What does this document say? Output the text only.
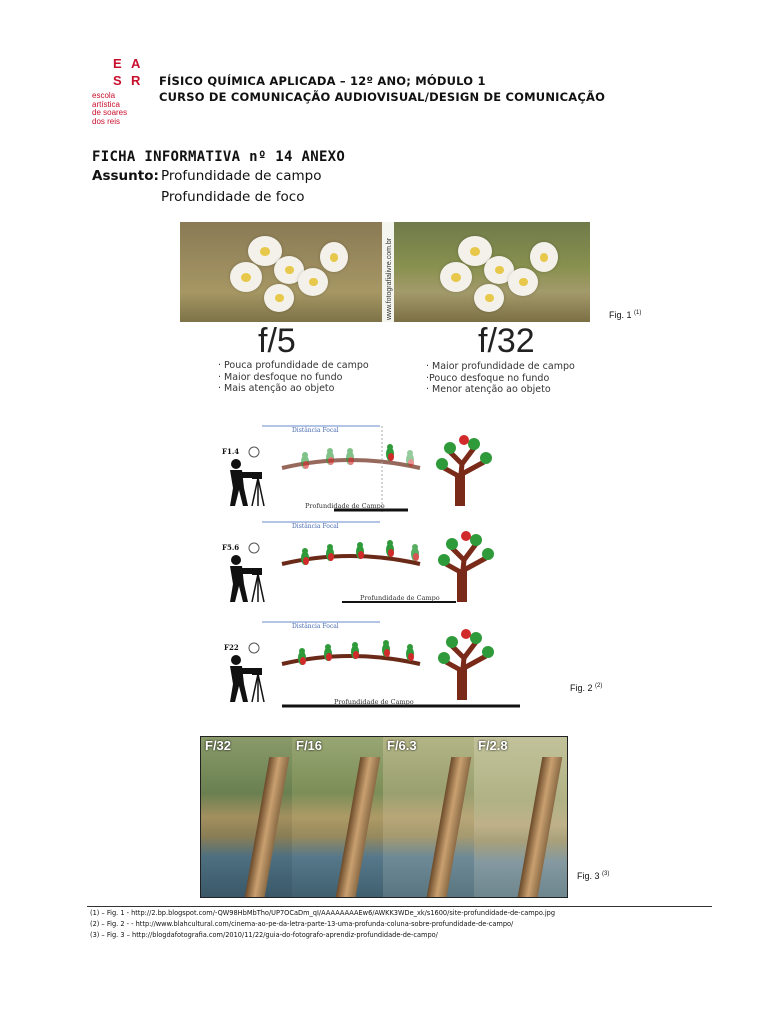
E A
S R
escola
artística
de soares
dos reis
FÍSICO QUÍMICA APLICADA – 12º ANO; MÓDULO 1
CURSO DE COMUNICAÇÃO AUDIOVISUAL/DESIGN DE COMUNICAÇÃO
FICHA INFORMATIVA nº 14 ANEXO
Assunto: Profundidade de campo
Profundidade de foco
www.fotografialivre.com.br	Fig. 1 $^{(1)}$
f/5	f/32
· Pouca profundidade de campo
· Maior desfoque no fundo
· Mais atenção ao objeto
· Maior profundidade de campo
·Pouco desfoque no fundo
· Menor atenção ao objeto
Distância Focal
F1.4
Profundidade de Campo
Distância Focal
F5.6
Profundidade de Campo
Distância Focal
F22
Profundidade de Campo
Fig. 2 $^{(2)}$
F/32	F/16	F/6.3	F/2.8
Fig. 3 $^{(3)}$
(1) – Fig. 1 - http://2.bp.blogspot.com/-QW98HbMbTho/UP7OCaDm_qI/AAAAAAAAEw6/AWKK3WDe_xk/s1600/site-profundidade-de-campo.jpg
(2) – Fig. 2 - - http://www.blahcultural.com/cinema-ao-pe-da-letra-parte-13-uma-profunda-coluna-sobre-profundidade-de-campo/
(3) – Fig. 3 – http://blogdafotografia.com/2010/11/22/guia-do-fotografo-aprendiz-profundidade-de-campo/
